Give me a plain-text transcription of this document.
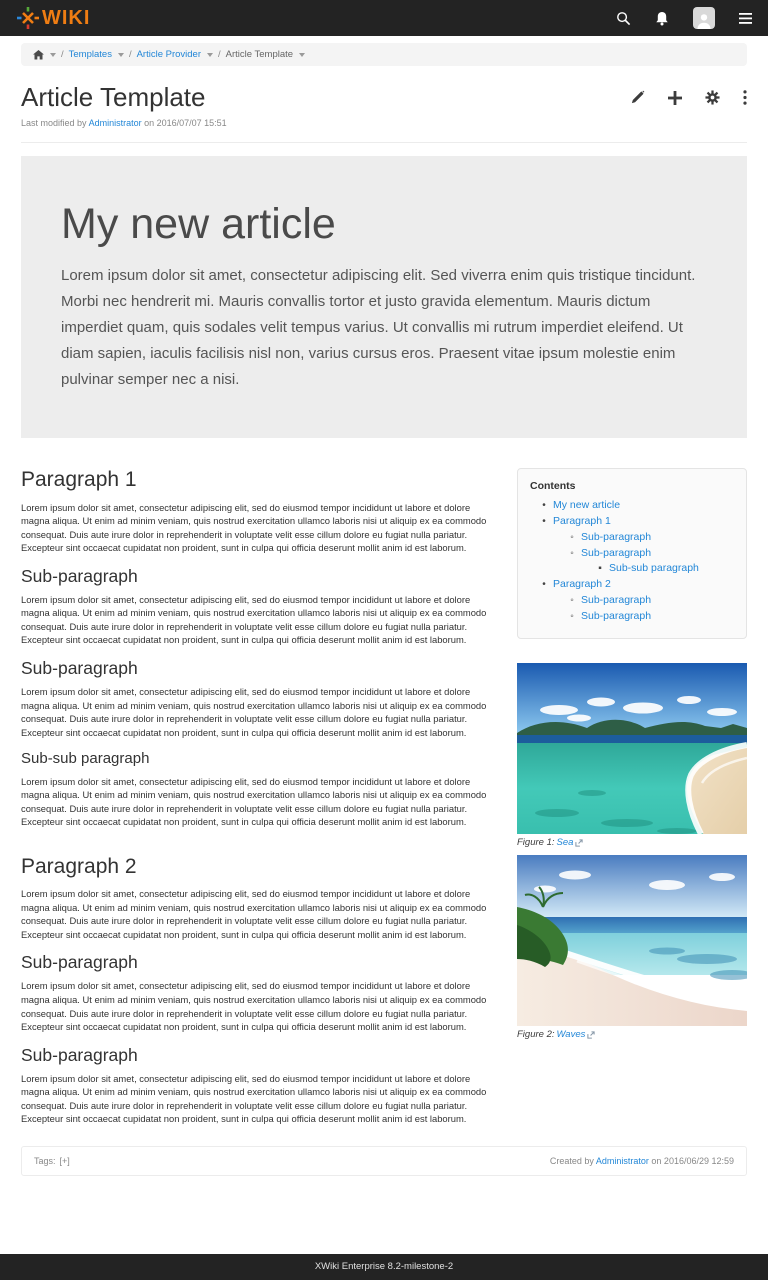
WIKI
/ Templates / Article Provider / Article Template
Article Template
Last modified by Administrator on 2016/07/07 15:51
My new article

Lorem ipsum dolor sit amet, consectetur adipiscing elit. Sed viverra enim quis tristique tincidunt. Morbi nec hendrerit mi. Mauris convallis tortor et justo gravida elementum. Mauris dictum imperdiet quam, quis sodales velit tempus varius. Ut convallis mi rutrum imperdiet eleifend. Ut diam sapien, iaculis facilisis nisl non, varius cursus eros. Praesent vitae ipsum molestie enim pulvinar semper nec a nisi.

Paragraph 1

Lorem ipsum dolor sit amet, consectetur adipiscing elit, sed do eiusmod tempor incididunt ut labore et dolore magna aliqua. Ut enim ad minim veniam, quis nostrud exercitation ullamco laboris nisi ut aliquip ex ea commodo consequat. Duis aute irure dolor in reprehenderit in voluptate velit esse cillum dolore eu fugiat nulla pariatur. Excepteur sint occaecat cupidatat non proident, sunt in culpa qui officia deserunt mollit anim id est laborum.

Sub-paragraph

Lorem ipsum dolor sit amet, consectetur adipiscing elit, sed do eiusmod tempor incididunt ut labore et dolore magna aliqua. Ut enim ad minim veniam, quis nostrud exercitation ullamco laboris nisi ut aliquip ex ea commodo consequat. Duis aute irure dolor in reprehenderit in voluptate velit esse cillum dolore eu fugiat nulla pariatur. Excepteur sint occaecat cupidatat non proident, sunt in culpa qui officia deserunt mollit anim id est laborum.

Sub-paragraph

Lorem ipsum dolor sit amet, consectetur adipiscing elit, sed do eiusmod tempor incididunt ut labore et dolore magna aliqua. Ut enim ad minim veniam, quis nostrud exercitation ullamco laboris nisi ut aliquip ex ea commodo consequat. Duis aute irure dolor in reprehenderit in voluptate velit esse cillum dolore eu fugiat nulla pariatur. Excepteur sint occaecat cupidatat non proident, sunt in culpa qui officia deserunt mollit anim id est laborum.

Sub-sub paragraph

Lorem ipsum dolor sit amet, consectetur adipiscing elit, sed do eiusmod tempor incididunt ut labore et dolore magna aliqua. Ut enim ad minim veniam, quis nostrud exercitation ullamco laboris nisi ut aliquip ex ea commodo consequat. Duis aute irure dolor in reprehenderit in voluptate velit esse cillum dolore eu fugiat nulla pariatur. Excepteur sint occaecat cupidatat non proident, sunt in culpa qui officia deserunt mollit anim id est laborum.

Paragraph 2

Lorem ipsum dolor sit amet, consectetur adipiscing elit, sed do eiusmod tempor incididunt ut labore et dolore magna aliqua. Ut enim ad minim veniam, quis nostrud exercitation ullamco laboris nisi ut aliquip ex ea commodo consequat. Duis aute irure dolor in reprehenderit in voluptate velit esse cillum dolore eu fugiat nulla pariatur. Excepteur sint occaecat cupidatat non proident, sunt in culpa qui officia deserunt mollit anim id est laborum.

Sub-paragraph

Lorem ipsum dolor sit amet, consectetur adipiscing elit, sed do eiusmod tempor incididunt ut labore et dolore magna aliqua. Ut enim ad minim veniam, quis nostrud exercitation ullamco laboris nisi ut aliquip ex ea commodo consequat. Duis aute irure dolor in reprehenderit in voluptate velit esse cillum dolore eu fugiat nulla pariatur. Excepteur sint occaecat cupidatat non proident, sunt in culpa qui officia deserunt mollit anim id est laborum.

Sub-paragraph

Lorem ipsum dolor sit amet, consectetur adipiscing elit, sed do eiusmod tempor incididunt ut labore et dolore magna aliqua. Ut enim ad minim veniam, quis nostrud exercitation ullamco laboris nisi ut aliquip ex ea commodo consequat. Duis aute irure dolor in reprehenderit in voluptate velit esse cillum dolore eu fugiat nulla pariatur. Excepteur sint occaecat cupidatat non proident, sunt in culpa qui officia deserunt mollit anim id est laborum.

Contents
• My new article
• Paragraph 1
◦ Sub-paragraph
◦ Sub-paragraph
▪ Sub-sub paragraph
• Paragraph 2
◦ Sub-paragraph
◦ Sub-paragraph
Figure 1: Sea
Figure 2: Waves
Tags: [+]	Created by Administrator on 2016/06/29 12:59
XWiki Enterprise 8.2-milestone-2
